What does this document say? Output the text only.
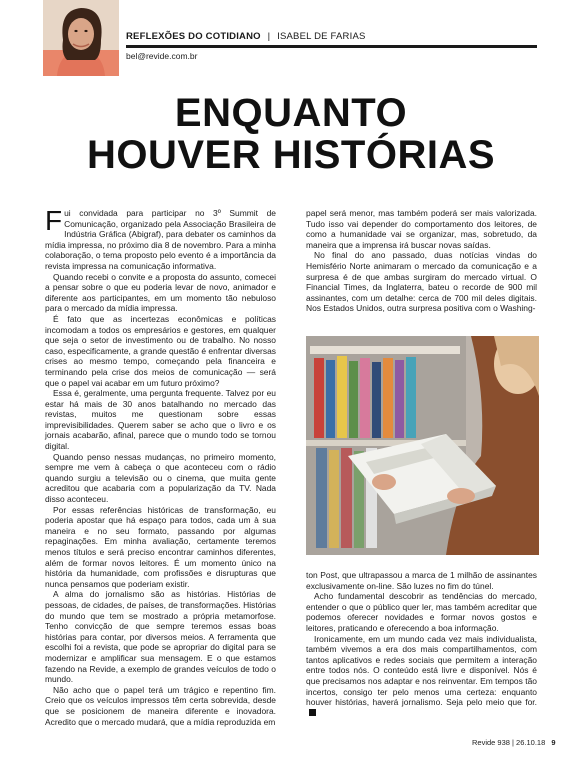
REFLEXÕES DO COTIDIANO | ISABEL DE FARIAS
bel@revide.com.br
ENQUANTO
HOUVER HISTÓRIAS

Fui convidada para participar no 3º Summit de Comunicação, organizado pela Associação Brasileira de Indústria Gráfica (Abigraf), para debater os caminhos da mídia impressa, no próximo dia 8 de novembro. Para a minha colaboração, o tema proposto pelo evento é a importância da revista impressa na comunicação informativa.

Quando recebi o convite e a proposta do assunto, comecei a pensar sobre o que eu poderia levar de novo, animador e diferente aos participantes, em um momento tão nebuloso para o mercado da mídia impressa.

É fato que as incertezas econômicas e políticas incomodam a todos os empresários e gestores, em qualquer que seja o setor de investimento ou de trabalho. No nosso caso, especificamente, a grande questão é enfrentar diversas crises ao mesmo tempo, começando pela financeira e terminando pela crise dos meios de comunicação — será que o papel vai acabar em um futuro próximo?

Essa é, geralmente, uma pergunta frequente. Talvez por eu estar há mais de 30 anos batalhando no mercado das revistas, muitos me questionam sobre essas imprevisibilidades. Querem saber se acho que o livro e os jornais acabarão, afinal, parece que o mundo todo se tornou digital.

Quando penso nessas mudanças, no primeiro momento, sempre me vem à cabeça o que aconteceu com o rádio quando surgiu a televisão ou o cinema, que muita gente acreditou que acabaria com a popularização da TV. Nada disso aconteceu.

Por essas referências históricas de transformação, eu poderia apostar que há espaço para todos, cada um à sua maneira e no seu formato, passando por algumas repaginações. Em minha avaliação, certamente teremos menos títulos e será preciso encontrar caminhos diferentes, além de formar novos leitores. É um momento único na história da humanidade, com profissões e disrupturas que nunca pensamos que poderiam existir.

A alma do jornalismo são as histórias. Histórias de pessoas, de cidades, de países, de transformações. Histórias do mundo que tem se mostrado a própria metamorfose. Tenho convicção de que sempre teremos essas boas histórias para contar, por diversos meios. A ferramenta que escolhi foi a revista, que pode se apropriar do digital para se modernizar e amplificar sua mensagem. E o que estamos fazendo na Revide, a exemplo de grandes veículos de todo o mundo.

Não acho que o papel terá um trágico e repentino fim. Creio que os veículos impressos têm certa sobrevida, desde que se posicionem de maneira diferente e inovadora. Acredito que o mercado mudará, que a mídia reproduzida em

papel será menor, mas também poderá ser mais valorizada. Tudo isso vai depender do comportamento dos leitores, de como a humanidade vai se organizar, mas, sobretudo, da maneira que a imprensa irá buscar novas saídas.

No final do ano passado, duas notícias vindas do Hemisfério Norte animaram o mercado da comunicação e a surpresa é de que ambas surgiram do mercado virtual. O Financial Times, da Inglaterra, bateu o recorde de 900 mil assinantes, com um detalhe: cerca de 700 mil deles digitais. Nos Estados Unidos, outra surpresa positiva com o Washing-

ton Post, que ultrapassou a marca de 1 milhão de assinantes exclusivamente on-line. São luzes no fim do túnel.

Acho fundamental descobrir as tendências do mercado, entender o que o público quer ler, mas também acreditar que podemos oferecer novidades e formar novos gostos e leitores, praticando e oferecendo a boa informação.

Ironicamente, em um mundo cada vez mais individualista, também vivemos a era dos mais compartilhamentos, com tantos aplicativos e redes sociais que permitem a interação entre todos nós. O conteúdo está livre e disponível. Nós é que precisamos nos adaptar e nos reinventar. Em tempos tão incertos, consigo ter pelo menos uma certeza: enquanto houver histórias, haverá jornalismo. Seja pelo meio que for.

Revide 938 | 26.10.18 9
